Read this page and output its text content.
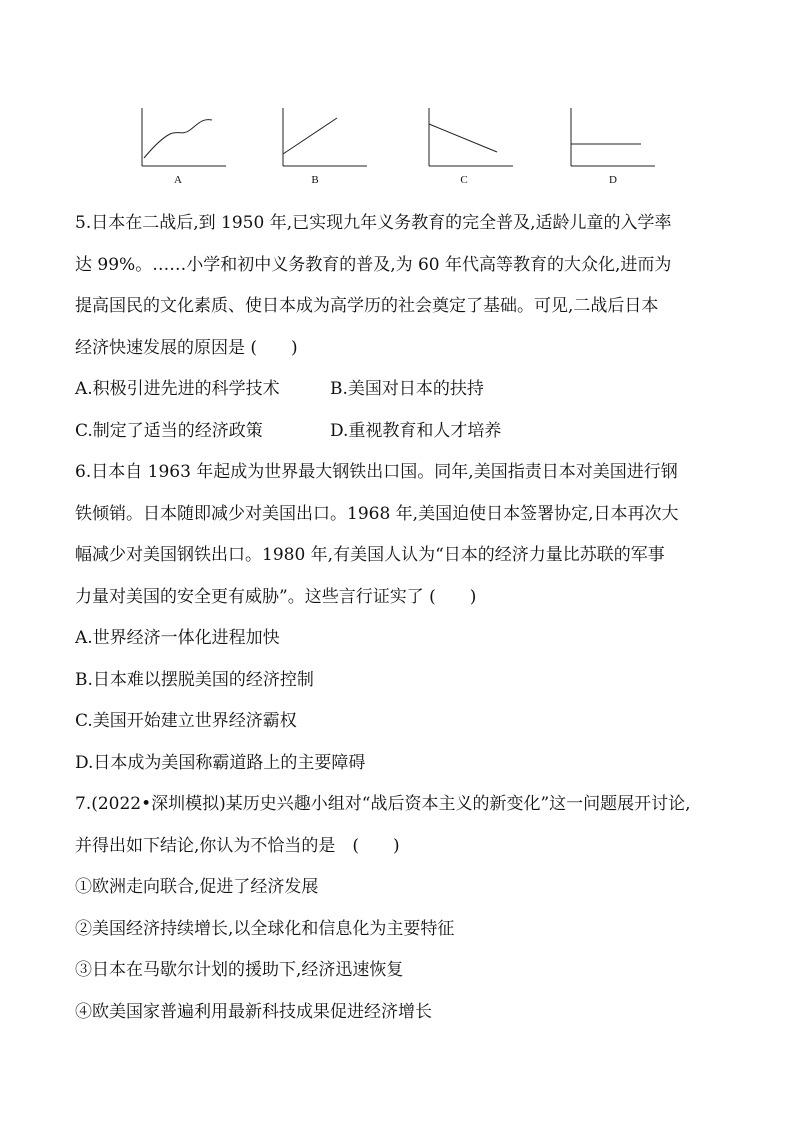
A	B	C	D
5.日本在二战后,到 1950 年,已实现九年义务教育的完全普及,适龄儿童的入学率
达 99%。……小学和初中义务教育的普及,为 60 年代高等教育的大众化,进而为
提高国民的文化素质、使日本成为高学历的社会奠定了基础。可见,二战后日本
经济快速发展的原因是 (　　)
A.积极引进先进的科学技术	B.美国对日本的扶持
C.制定了适当的经济政策	D.重视教育和人才培养
6.日本自 1963 年起成为世界最大钢铁出口国。同年,美国指责日本对美国进行钢
铁倾销。日本随即减少对美国出口。1968 年,美国迫使日本签署协定,日本再次大
幅减少对美国钢铁出口。1980 年,有美国人认为“日本的经济力量比苏联的军事
力量对美国的安全更有威胁”。这些言行证实了 (　　)
A.世界经济一体化进程加快
B.日本难以摆脱美国的经济控制
C.美国开始建立世界经济霸权
D.日本成为美国称霸道路上的主要障碍
7.(2022•深圳模拟)某历史兴趣小组对“战后资本主义的新变化”这一问题展开讨论,
并得出如下结论,你认为不恰当的是　(　　)
①欧洲走向联合,促进了经济发展
②美国经济持续增长,以全球化和信息化为主要特征
③日本在马歇尔计划的援助下,经济迅速恢复
④欧美国家普遍利用最新科技成果促进经济增长
